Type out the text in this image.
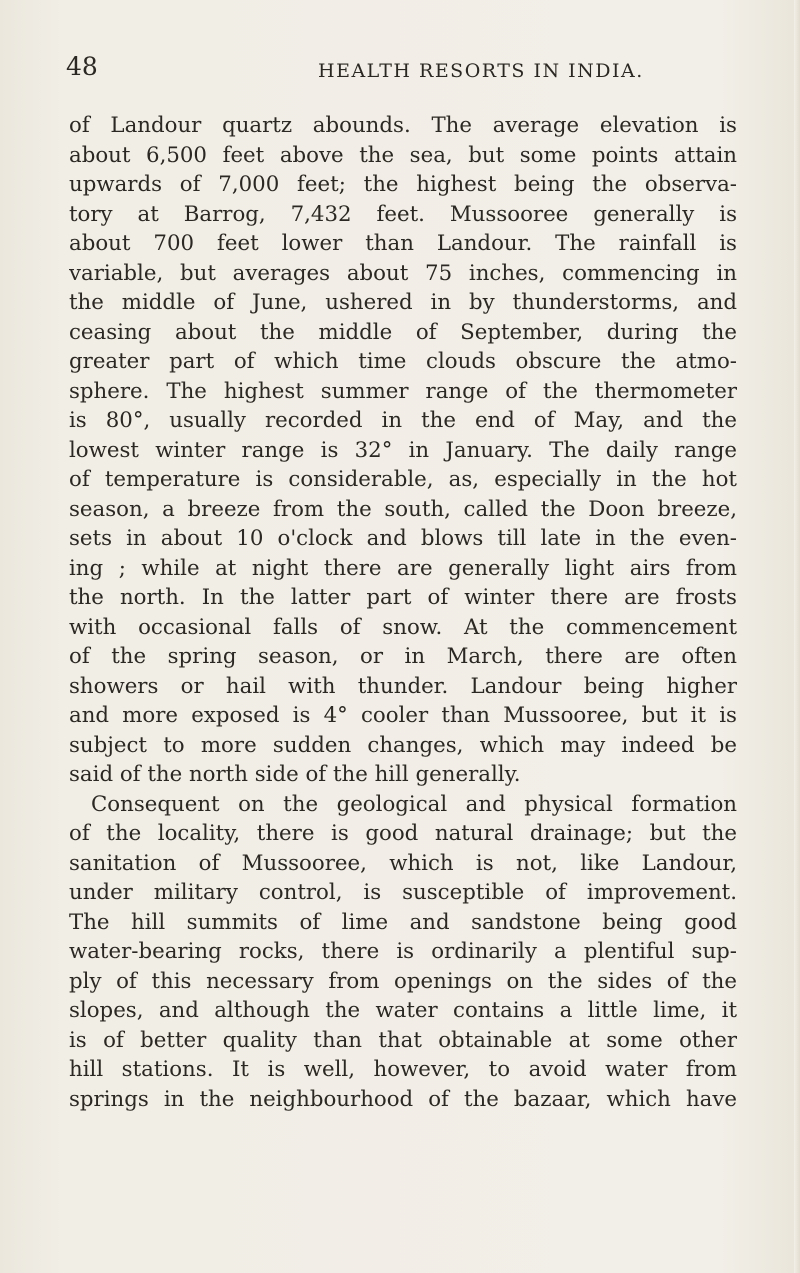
48	HEALTH RESORTS IN INDIA.
of Landour quartz abounds. The average elevation is
about 6,500 feet above the sea, but some points attain
upwards of 7,000 feet; the highest being the observa-
tory at Barrog, 7,432 feet. Mussooree generally is
about 700 feet lower than Landour. The rainfall is
variable, but averages about 75 inches, commencing in
the middle of June, ushered in by thunderstorms, and
ceasing about the middle of September, during the
greater part of which time clouds obscure the atmo-
sphere. The highest summer range of the thermometer
is 80°, usually recorded in the end of May, and the
lowest winter range is 32° in January. The daily range
of temperature is considerable, as, especially in the hot
season, a breeze from the south, called the Doon breeze,
sets in about 10 o'clock and blows till late in the even-
ing ; while at night there are generally light airs from
the north. In the latter part of winter there are frosts
with occasional falls of snow. At the commencement
of the spring season, or in March, there are often
showers or hail with thunder. Landour being higher
and more exposed is 4° cooler than Mussooree, but it is
subject to more sudden changes, which may indeed be
said of the north side of the hill generally.
Consequent on the geological and physical formation
of the locality, there is good natural drainage; but the
sanitation of Mussooree, which is not, like Landour,
under military control, is susceptible of improvement.
The hill summits of lime and sandstone being good
water-bearing rocks, there is ordinarily a plentiful sup-
ply of this necessary from openings on the sides of the
slopes, and although the water contains a little lime, it
is of better quality than that obtainable at some other
hill stations. It is well, however, to avoid water from
springs in the neighbourhood of the bazaar, which have
